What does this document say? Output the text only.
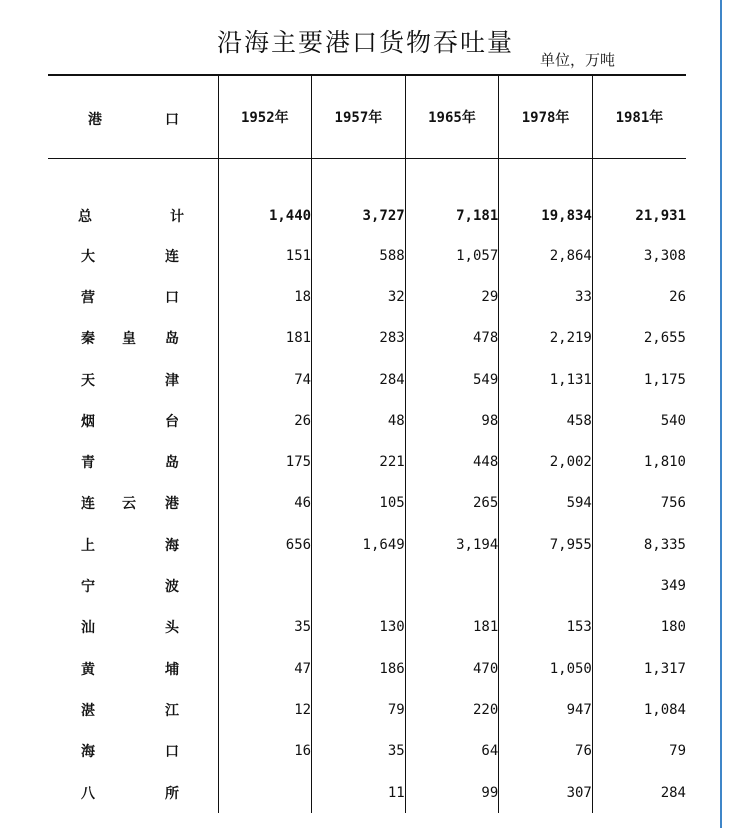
沿海主要港口货物吞吐量
单位，万吨
港 口	1952年	1957年	1965年	1978年	1981年

总 计	1,440	3,727	7,181	19,834	21,931

大 连	151	588	1,057	2,864	3,308

营 口	18	32	29	33	26

秦 皇 岛	181	283	478	2,219	2,655

天 津	74	284	549	1,131	1,175

烟 台	26	48	98	458	540

青 岛	175	221	448	2,002	1,810

连 云 港	46	105	265	594	756

上 海	656	1,649	3,194	7,955	8,335

宁 波					349

汕 头	35	130	181	153	180

黄 埔	47	186	470	1,050	1,317

湛 江	12	79	220	947	1,084

海 口	16	35	64	76	79

八 所		11	99	307	284
